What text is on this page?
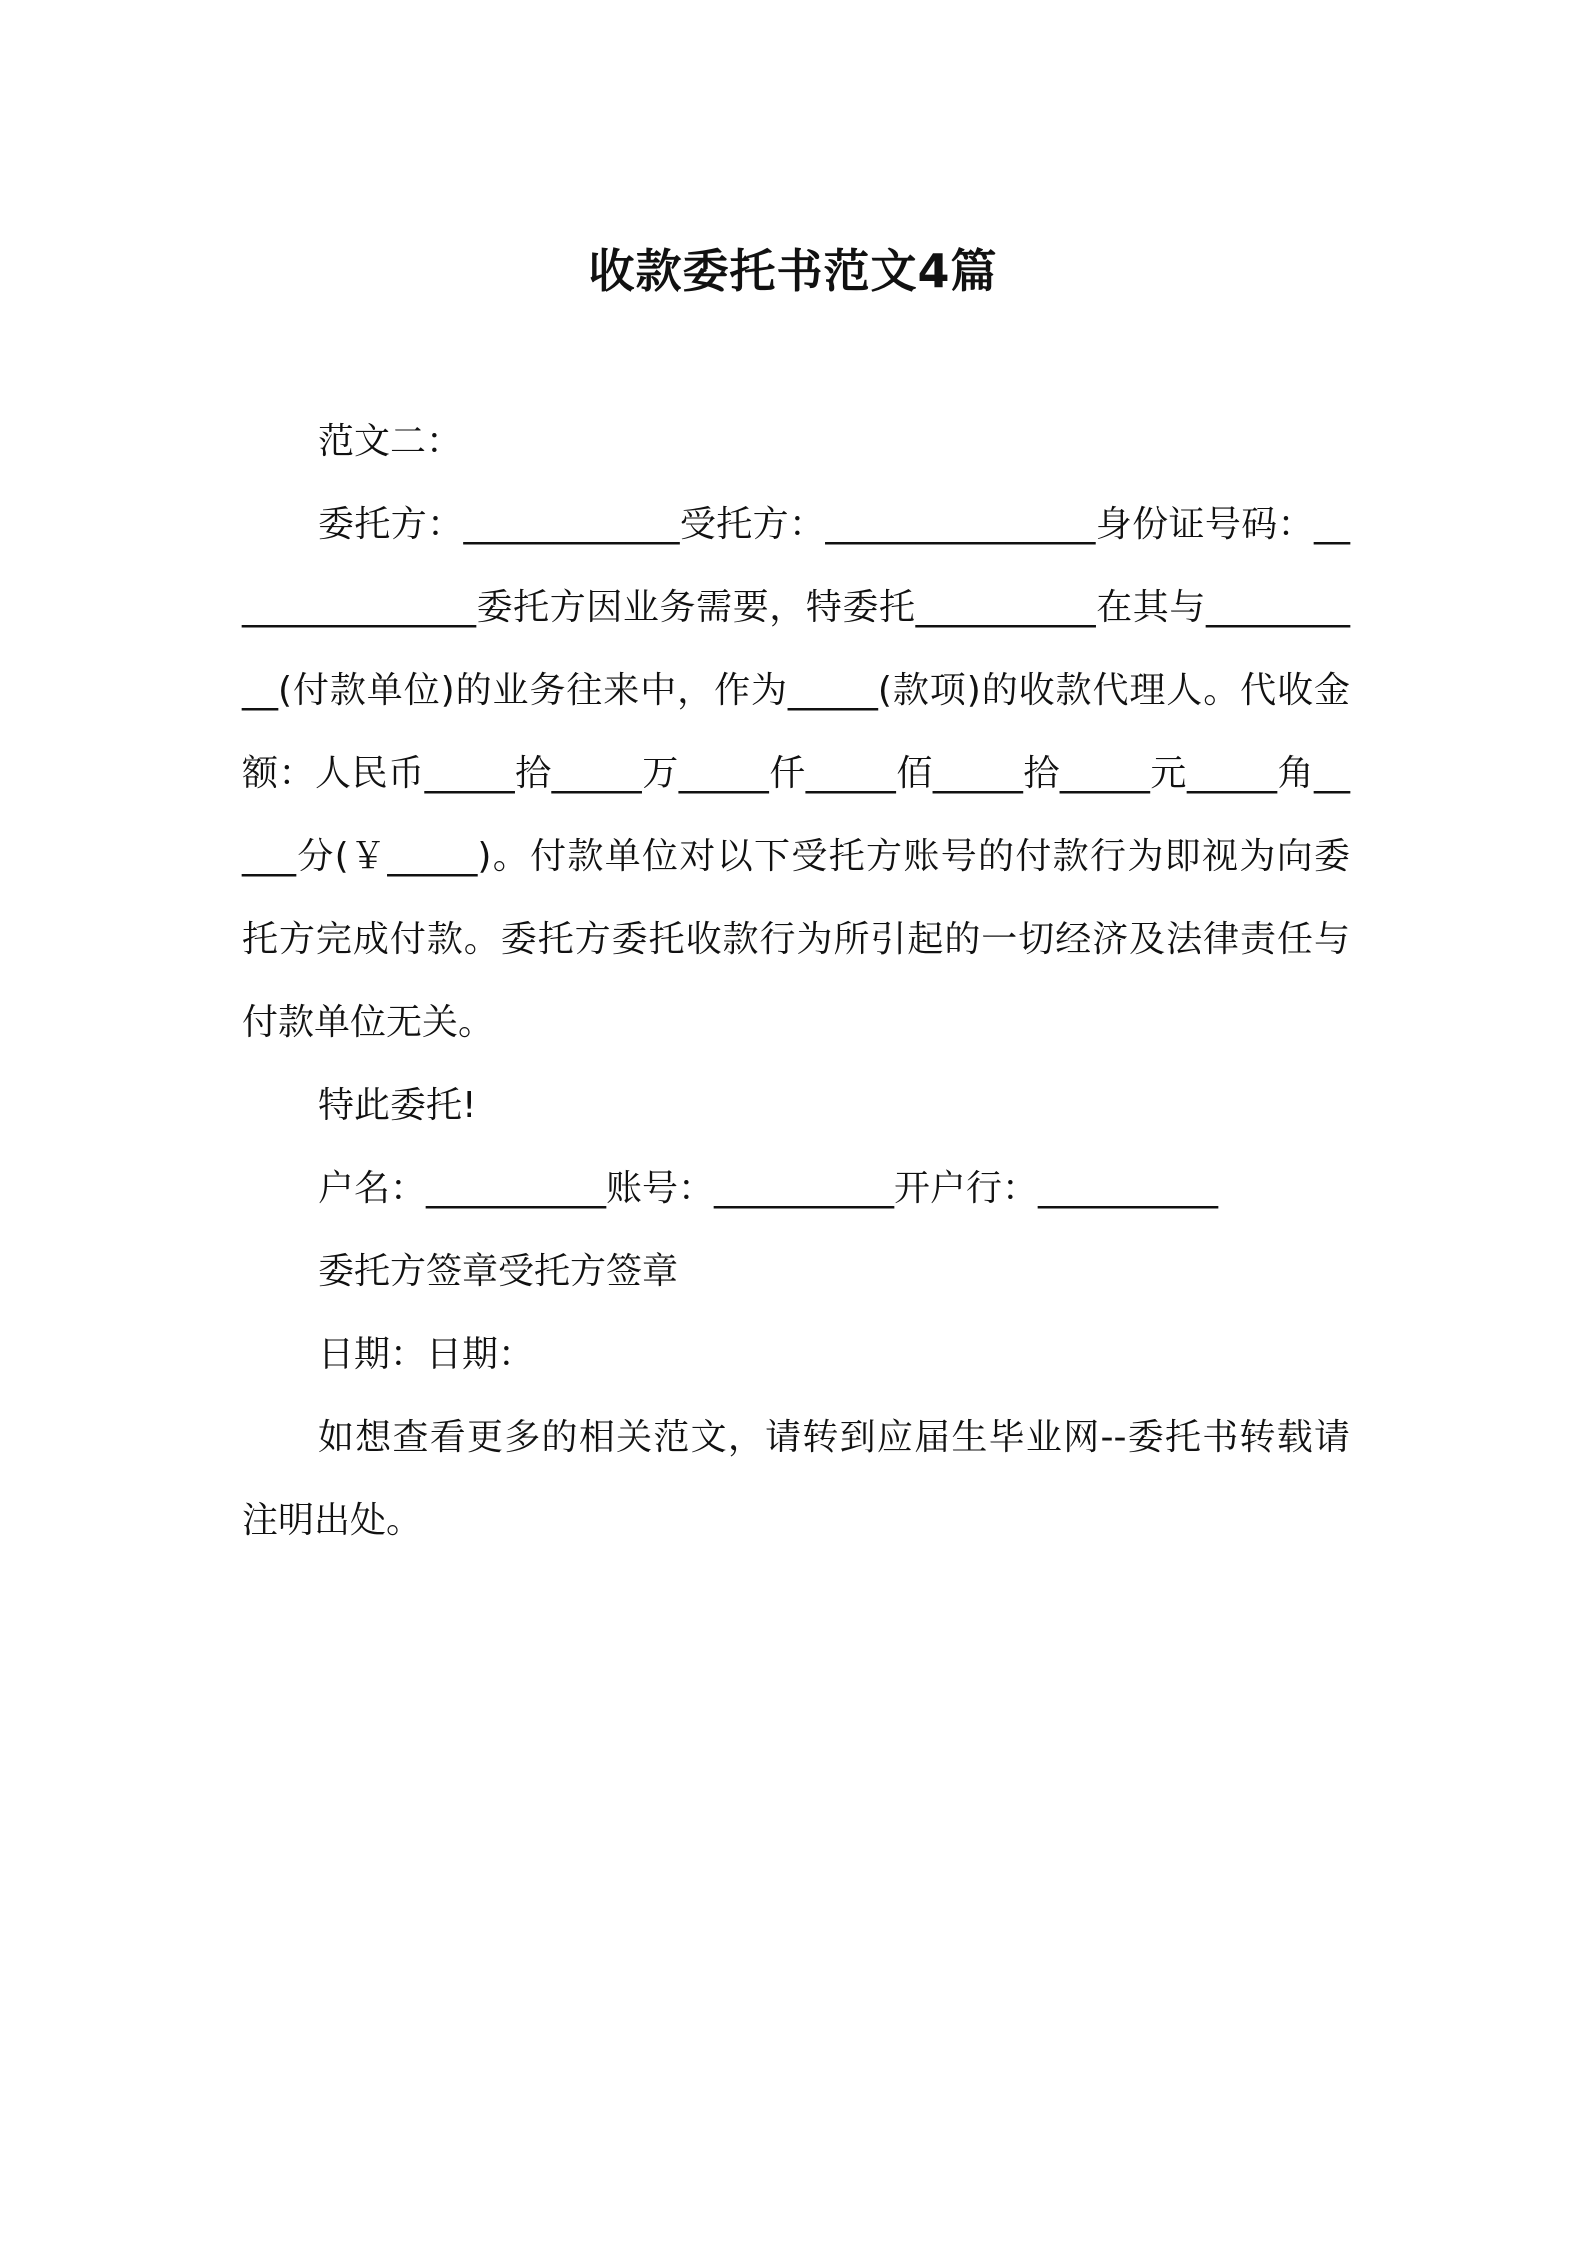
收款委托书范文4篇

范文二：

委托方：____________受托方：_______________身份证号码：_______________委托方因业务需要，特委托__________在其与__________(付款单位)的业务往来中，作为_____(款项)的收款代理人。代收金额：人民币_____拾_____万_____仟_____佰_____拾_____元_____角_____分(￥_____)。付款单位对以下受托方账号的付款行为即视为向委托方完成付款。委托方委托收款行为所引起的一切经济及法律责任与付款单位无关。

特此委托!

户名：__________账号：__________开户行：__________

委托方签章受托方签章

日期：日期：

如想查看更多的相关范文，请转到应届生毕业网--委托书转载请注明出处。
